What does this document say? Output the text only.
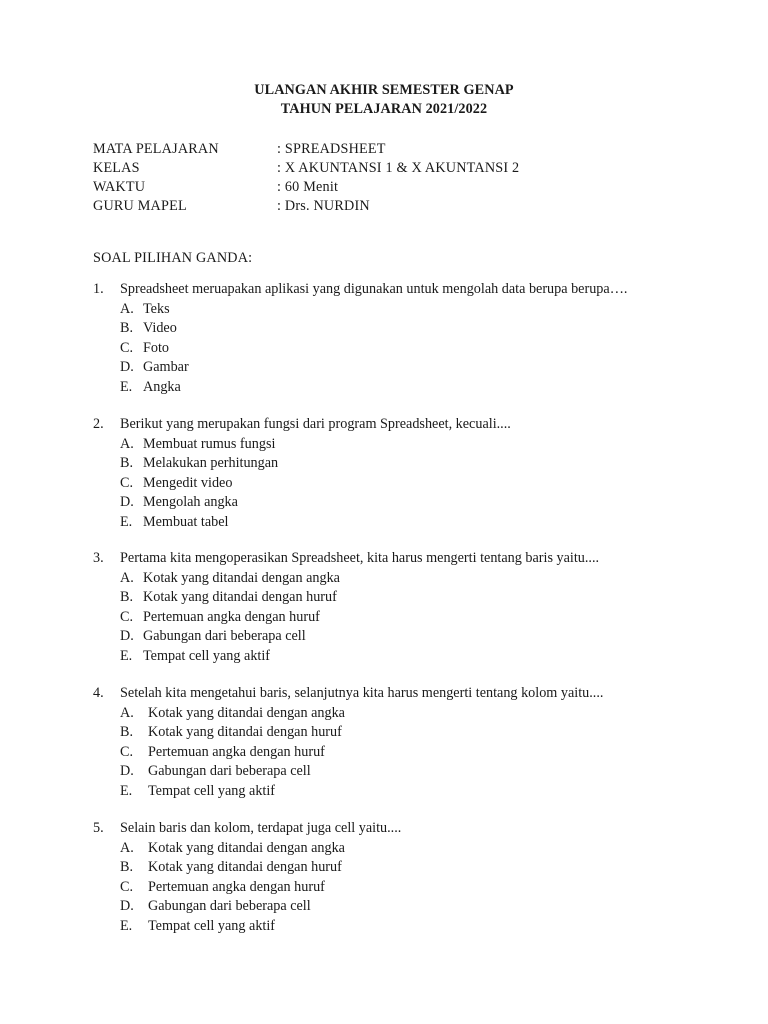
ULANGAN AKHIR SEMESTER GENAP
TAHUN PELAJARAN 2021/2022
MATA PELAJARAN	: SPREADSHEET
KELAS	: X AKUNTANSI 1 & X AKUNTANSI 2
WAKTU	: 60 Menit
GURU MAPEL	: Drs. NURDIN
SOAL PILIHAN GANDA:
1. Spreadsheet meruapakan aplikasi yang digunakan untuk mengolah data berupa berupa….
A. Teks
B. Video
C. Foto
D. Gambar
E. Angka
2. Berikut yang merupakan fungsi dari program Spreadsheet, kecuali....
A. Membuat rumus fungsi
B. Melakukan perhitungan
C. Mengedit video
D. Mengolah angka
E. Membuat tabel
3. Pertama kita mengoperasikan Spreadsheet, kita harus mengerti tentang baris yaitu....
A. Kotak yang ditandai dengan angka
B. Kotak yang ditandai dengan huruf
C. Pertemuan angka dengan huruf
D. Gabungan dari beberapa cell
E. Tempat cell yang aktif
4. Setelah kita mengetahui baris, selanjutnya kita harus mengerti tentang kolom yaitu....
A. Kotak yang ditandai dengan angka
B. Kotak yang ditandai dengan huruf
C. Pertemuan angka dengan huruf
D. Gabungan dari beberapa cell
E. Tempat cell yang aktif
5. Selain baris dan kolom, terdapat juga cell yaitu....
A. Kotak yang ditandai dengan angka
B. Kotak yang ditandai dengan huruf
C. Pertemuan angka dengan huruf
D. Gabungan dari beberapa cell
E. Tempat cell yang aktif
